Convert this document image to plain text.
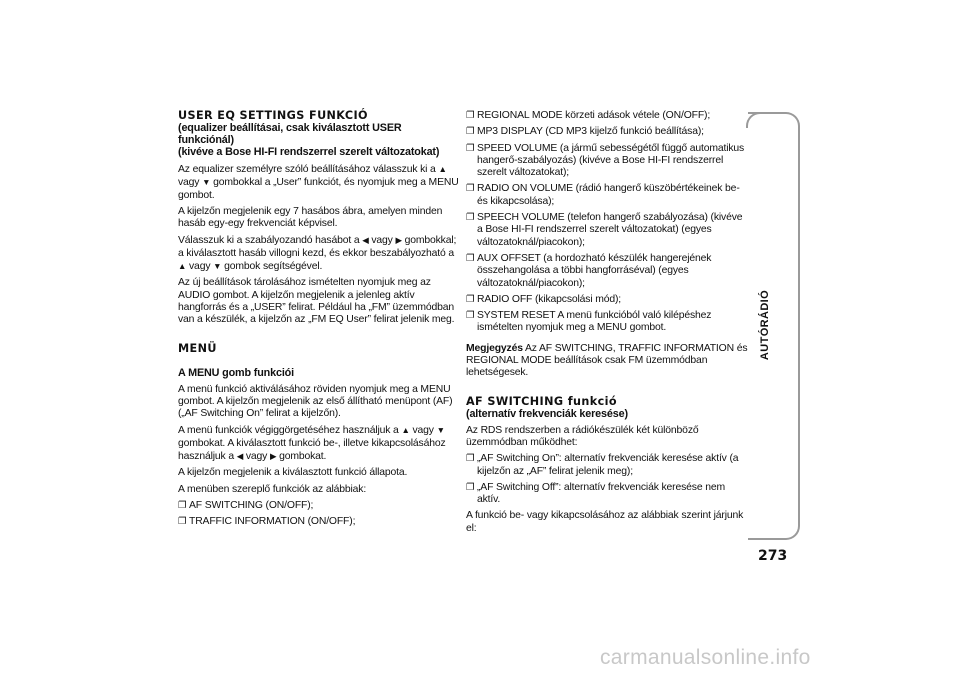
USER EQ SETTINGS FUNKCIÓ

(equalizer beállításai, csak kiválasztott USER funkciónál)

(kivéve a Bose HI-FI rendszerrel szerelt változatokat)

Az equalizer személyre szóló beállításához válasszuk ki a ▲ vagy ▼ gombokkal a „User” funkciót, és nyomjuk meg a MENU gombot.

A kijelzőn megjelenik egy 7 hasábos ábra, amelyen minden hasáb egy-egy frekvenciát képvisel.

Válasszuk ki a szabályozandó hasábot a ◀ vagy ▶ gombokkal; a kiválasztott hasáb villogni kezd, és ekkor beszabályozható a ▲ vagy ▼ gombok segítségével.

Az új beállítások tárolásához ismételten nyomjuk meg az AUDIO gombot. A kijelzőn megjelenik a jelenleg aktív hangforrás és a „USER” felirat. Például ha „FM” üzemmódban van a készülék, a kijelzőn az „FM EQ User” felirat jelenik meg.

MENÜ

A MENU gomb funkciói

A menü funkció aktiválásához röviden nyomjuk meg a MENU gombot. A kijelzőn megjelenik az első állítható menüpont (AF) („AF Switching On” felirat a kijelzőn).

A menü funkciók végiggörgetéséhez használjuk a ▲ vagy ▼ gombokat. A kiválasztott funkció be-, illetve kikapcsolásához használjuk a ◀ vagy ▶ gombokat.

A kijelzőn megjelenik a kiválasztott funkció állapota.

A menüben szereplő funkciók az alábbiak:

❐ AF SWITCHING (ON/OFF);
❐ TRAFFIC INFORMATION (ON/OFF);
❐ REGIONAL MODE körzeti adások vétele (ON/OFF);
❐ MP3 DISPLAY (CD MP3 kijelző funkció beállítása);
❐ SPEED VOLUME (a jármű sebességétől függő automatikus hangerő-szabályozás) (kivéve a Bose HI-FI rendszerrel szerelt változatokat);
❐ RADIO ON VOLUME (rádió hangerő küszöbértékeinek be- és kikapcsolása);
❐ SPEECH VOLUME (telefon hangerő szabályozása) (kivéve a Bose HI-FI rendszerrel szerelt változatokat) (egyes változatoknál/piacokon);
❐ AUX OFFSET (a hordozható készülék hangerejének összehangolása a többi hangforráséval) (egyes változatoknál/piacokon);
❐ RADIO OFF (kikapcsolási mód);
❐ SYSTEM RESET A menü funkcióból való kilépéshez ismételten nyomjuk meg a MENU gombot.

Megjegyzés Az AF SWITCHING, TRAFFIC INFORMATION és REGIONAL MODE beállítások csak FM üzemmódban lehetségesek.

AF SWITCHING funkció

(alternatív frekvenciák keresése)

Az RDS rendszerben a rádiókészülék két különböző üzemmódban működhet:

❐ „AF Switching On”: alternatív frekvenciák keresése aktív (a kijelzőn az „AF” felirat jelenik meg);
❐ „AF Switching Off”: alternatív frekvenciák keresése nem aktív.

A funkció be- vagy kikapcsolásához az alábbiak szerint járjunk el:

AUTÓRÁDIÓ
273
carmanualsonline.info
